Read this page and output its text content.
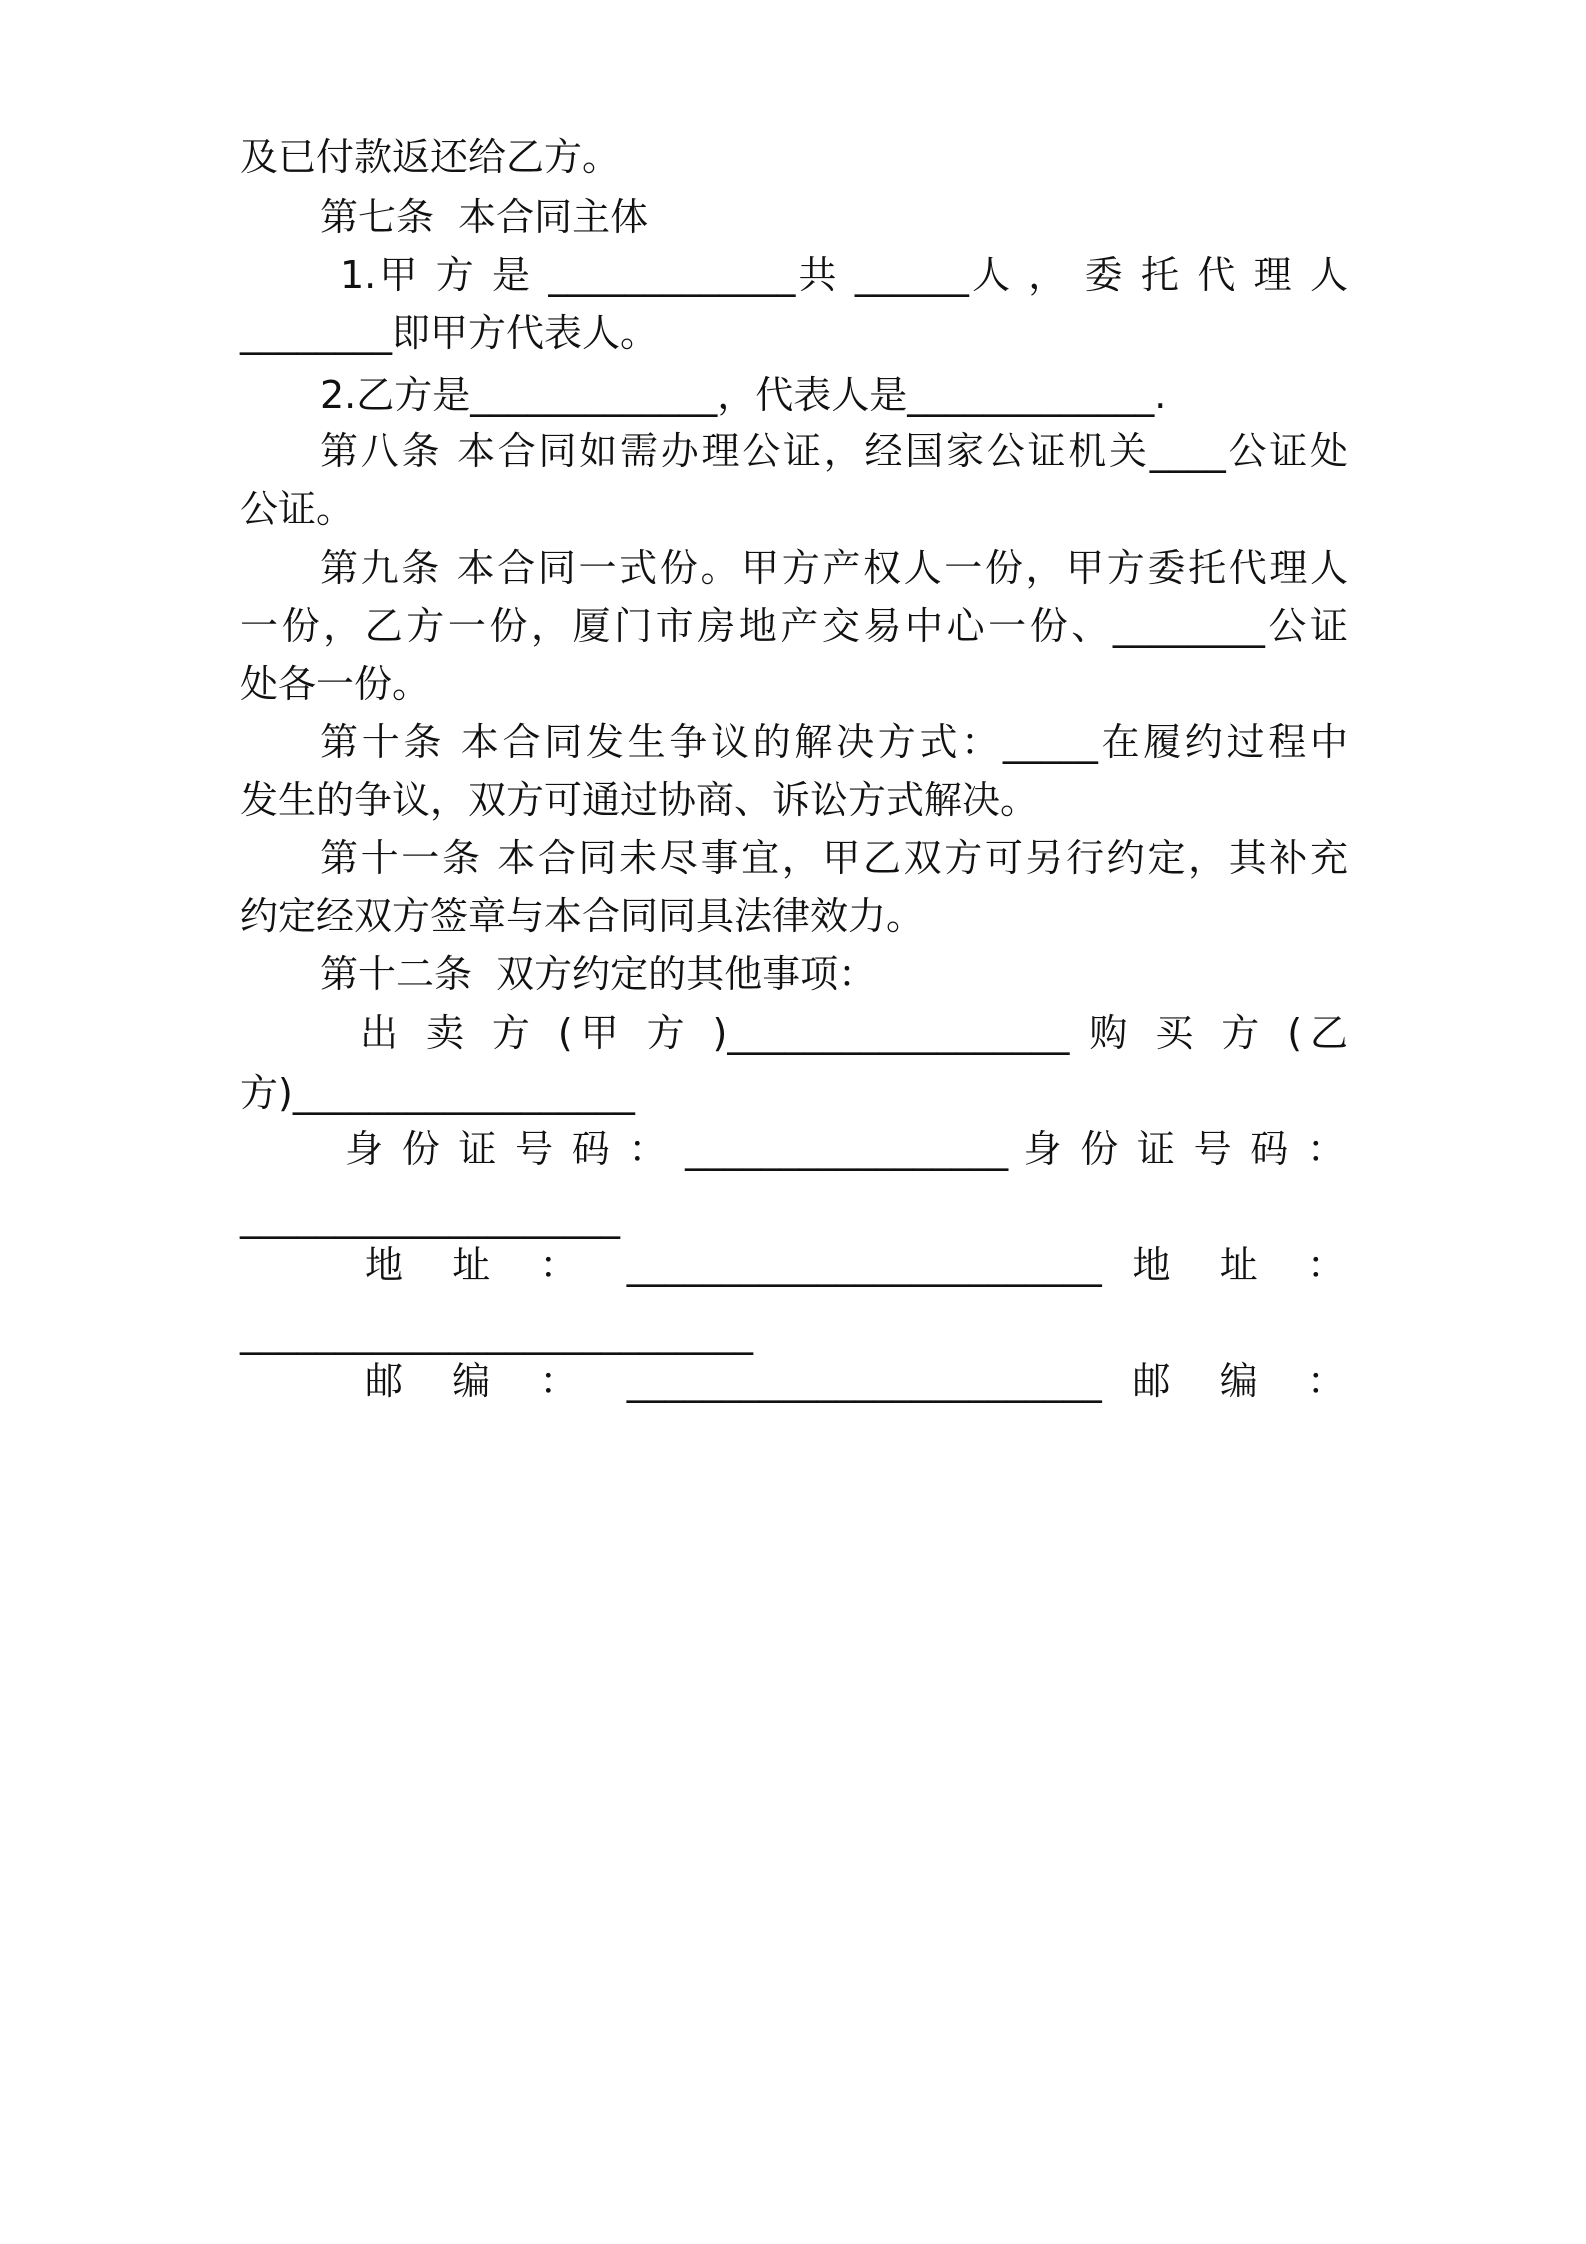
及已付款返还给乙方。
第七条  本合同主体
1.甲 方 是 _____________共 ______人 ， 委 托 代 理 人
________即甲方代表人。
2.乙方是_____________，代表人是_____________.
第八条 本合同如需办理公证，经国家公证机关____公证处
公证。
第九条 本合同一式份。甲方产权人一份，甲方委托代理人
一份，乙方一份，厦门市房地产交易中心一份、________公证
处各一份。
第十条 本合同发生争议的解决方式：_____在履约过程中
发生的争议，双方可通过协商、诉讼方式解决。
第十一条 本合同未尽事宜，甲乙双方可另行约定，其补充
约定经双方签章与本合同同具法律效力。
第十二条  双方约定的其他事项：
出 卖 方 (甲 方 )__________________ 购 买 方 (乙
方)__________________
身 份 证 号 码 ： _________________ 身 份 证 号 码 ：
____________________
地 址 ： _________________________ 地 址 ：
___________________________
邮 编 ： _________________________ 邮 编 ：
